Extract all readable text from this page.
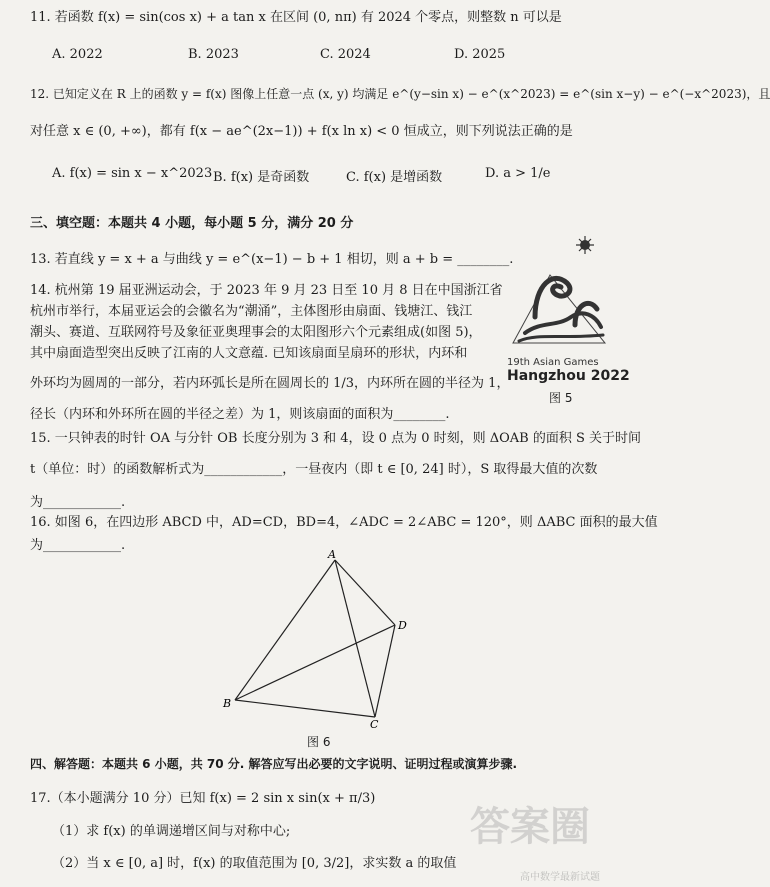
11. 若函数 f(x) = sin(cos x) + a tan x 在区间 (0, nπ) 有 2024 个零点，则整数 n 可以是
A. 2022	B. 2023	C. 2024	D. 2025
12. 已知定义在 R 上的函数 y = f(x) 图像上任意一点 (x, y) 均满足 e^(y−sin x) − e^(x^2023) = e^(sin x−y) − e^(−x^2023)，且
对任意 x ∈ (0, +∞)，都有 f(x − ae^(2x−1)) + f(x ln x) < 0 恒成立，则下列说法正确的是
A. f(x) = sin x − x^2023 B. f(x) 是奇函数	C. f(x) 是增函数	D. a > 1/e
三、填空题：本题共 4 小题，每小题 5 分，满分 20 分
13. 若直线 y = x + a 与曲线 y = e^(x−1) − b + 1 相切，则 a + b = ________.
14. 杭州第 19 届亚洲运动会，于 2023 年 9 月 23 日至 10 月 8 日在中国浙江省
杭州市举行，本届亚运会的会徽名为“潮涌”，主体图形由扇面、钱塘江、钱江
潮头、赛道、互联网符号及象征亚奥理事会的太阳图形六个元素组成(如图 5)，
其中扇面造型突出反映了江南的人文意蕴. 已知该扇面呈扇环的形状，内环和
外环均为圆周的一部分，若内环弧长是所在圆周长的 1/3，内环所在圆的半径为 1，
径长（内环和外环所在圆的半径之差）为 1，则该扇面的面积为________.
19th Asian Games
Hangzhou 2022
图 5
15. 一只钟表的时针 OA 与分针 OB 长度分别为 3 和 4，设 0 点为 0 时刻，则 ΔOAB 的面积 S 关于时间
t（单位：时）的函数解析式为____________，一昼夜内（即 t ∈ [0, 24] 时），S 取得最大值的次数
为____________.
16. 如图 6，在四边形 ABCD 中，AD=CD，BD=4，∠ADC = 2∠ABC = 120°，则 ΔABC 面积的最大值
为____________.
A
B
C
D
图 6
四、解答题：本题共 6 小题，共 70 分. 解答应写出必要的文字说明、证明过程或演算步骤.
17.（本小题满分 10 分）已知 f(x) = 2 sin x sin(x + π/3)
（1）求 f(x) 的单调递增区间与对称中心;
（2）当 x ∈ [0, a] 时，f(x) 的取值范围为 [0, 3/2]，求实数 a 的取值
答案圈
高中数学最新试题
